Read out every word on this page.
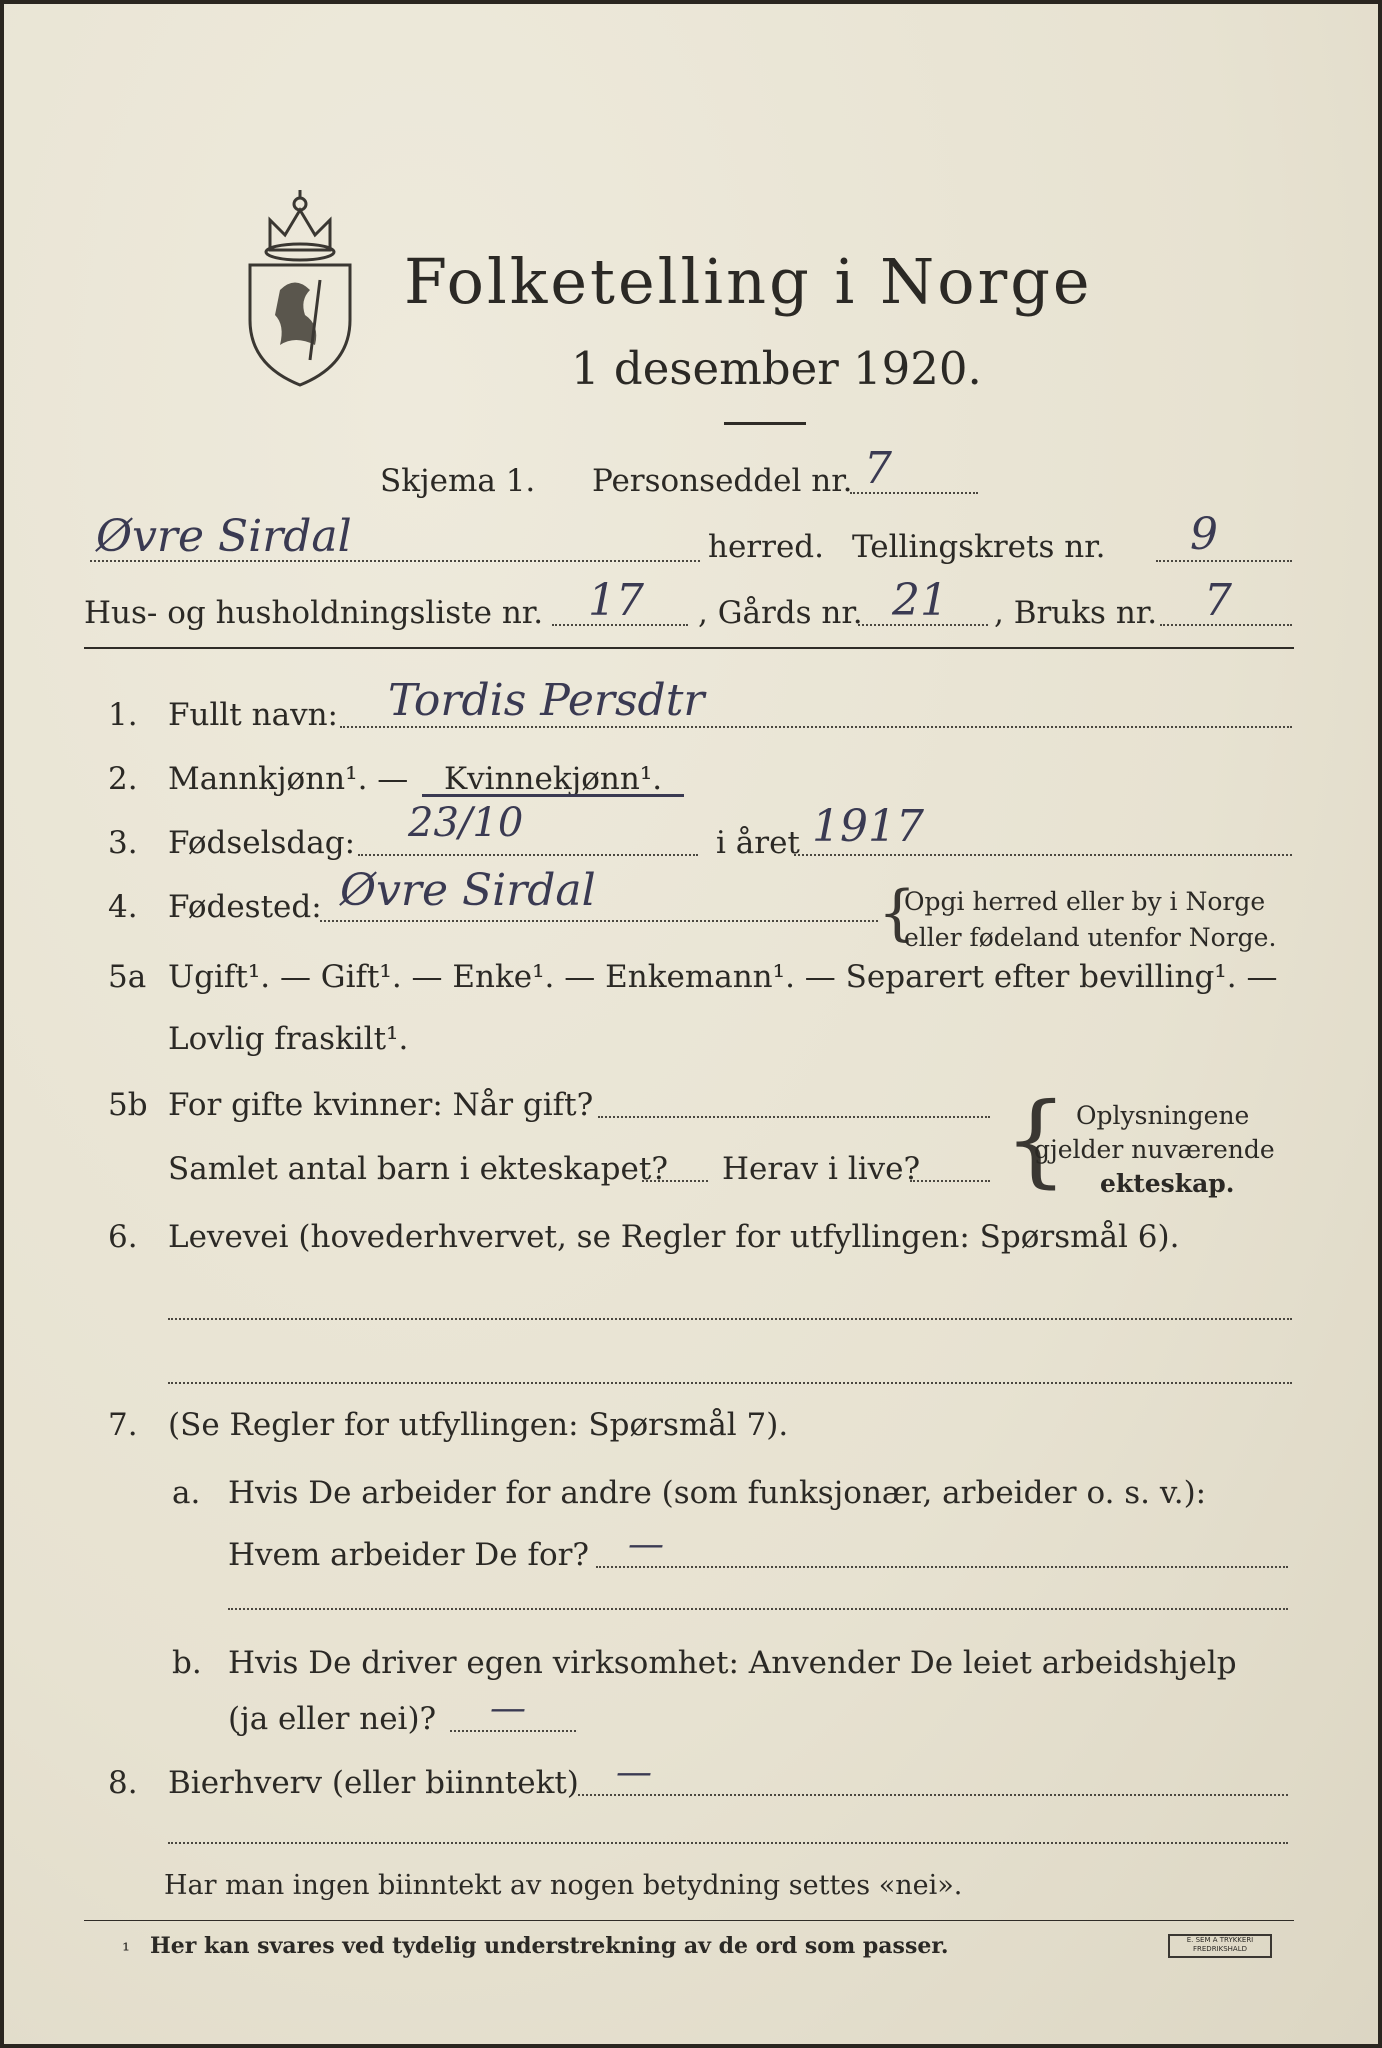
Folketelling i Norge
1 desember 1920.
Skjema 1. Personseddel nr. 7
Øvre Sirdal	herred. Tellingskrets nr. 9
Hus- og husholdningsliste nr. 17 , Gårds nr. 21 , Bruks nr. 7
1. Fullt navn: Tordis Persdtr
2. Mannkjønn¹. — Kvinnekjønn¹.
3. Fødselsdag: 23/10	i året 1917
4. Fødested: Øvre Sirdal	{
Opgi herred eller by i Norge
eller fødeland utenfor Norge.
5a Ugift¹. — Gift¹. — Enke¹. — Enkemann¹. — Separert efter bevilling¹. —
Lovlig fraskilt¹.
5b For gifte kvinner: Når gift?
Samlet antal barn i ekteskapet? Herav i live? { Oplysningene
gjelder nuværende
ekteskap.
6. Levevei (hovederhvervet, se Regler for utfyllingen: Spørsmål 6).
7. (Se Regler for utfyllingen: Spørsmål 7).
a. Hvis De arbeider for andre (som funksjonær, arbeider o. s. v.):
Hvem arbeider De for? —
b. Hvis De driver egen virksomhet: Anvender De leiet arbeidshjelp
(ja eller nei)? —
8. Bierhverv (eller biinntekt) —
Har man ingen biinntekt av nogen betydning settes «nei».
¹ Her kan svares ved tydelig understrekning av de ord som passer.	E. SEM A TRYKKERI FREDRIKSHALD
